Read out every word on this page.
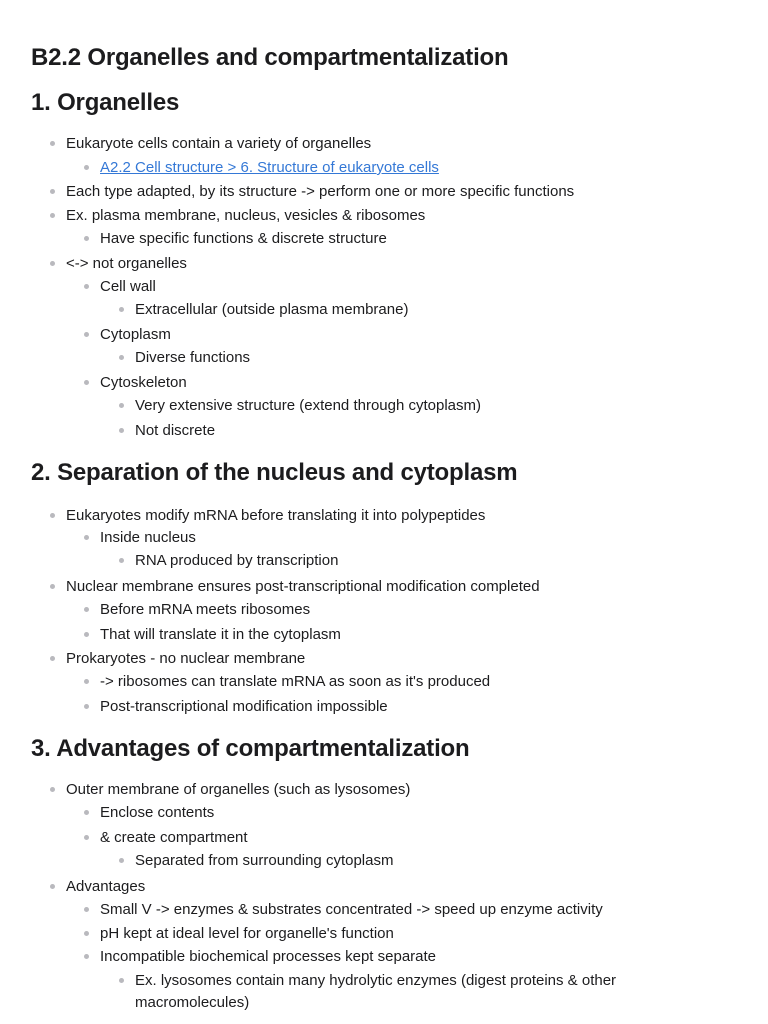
B2.2 Organelles and compartmentalization
1. Organelles
Eukaryote cells contain a variety of organelles
A2.2 Cell structure > 6. Structure of eukaryote cells
Each type adapted, by its structure -> perform one or more specific functions
Ex. plasma membrane, nucleus, vesicles & ribosomes
Have specific functions & discrete structure
<-> not organelles
Cell wall
Extracellular (outside plasma membrane)
Cytoplasm
Diverse functions
Cytoskeleton
Very extensive structure (extend through cytoplasm)
Not discrete
2. Separation of the nucleus and cytoplasm
Eukaryotes modify mRNA before translating it into polypeptides
Inside nucleus
RNA produced by transcription
Nuclear membrane ensures post-transcriptional modification completed
Before mRNA meets ribosomes
That will translate it in the cytoplasm
Prokaryotes - no nuclear membrane
-> ribosomes can translate mRNA as soon as it's produced
Post-transcriptional modification impossible
3. Advantages of compartmentalization
Outer membrane of organelles (such as lysosomes)
Enclose contents
& create compartment
Separated from surrounding cytoplasm
Advantages
Small V -> enzymes & substrates concentrated -> speed up enzyme activity
pH kept at ideal level for organelle's function
Incompatible biochemical processes kept separate
Ex. lysosomes contain many hydrolytic enzymes (digest proteins & other
macromolecules)
